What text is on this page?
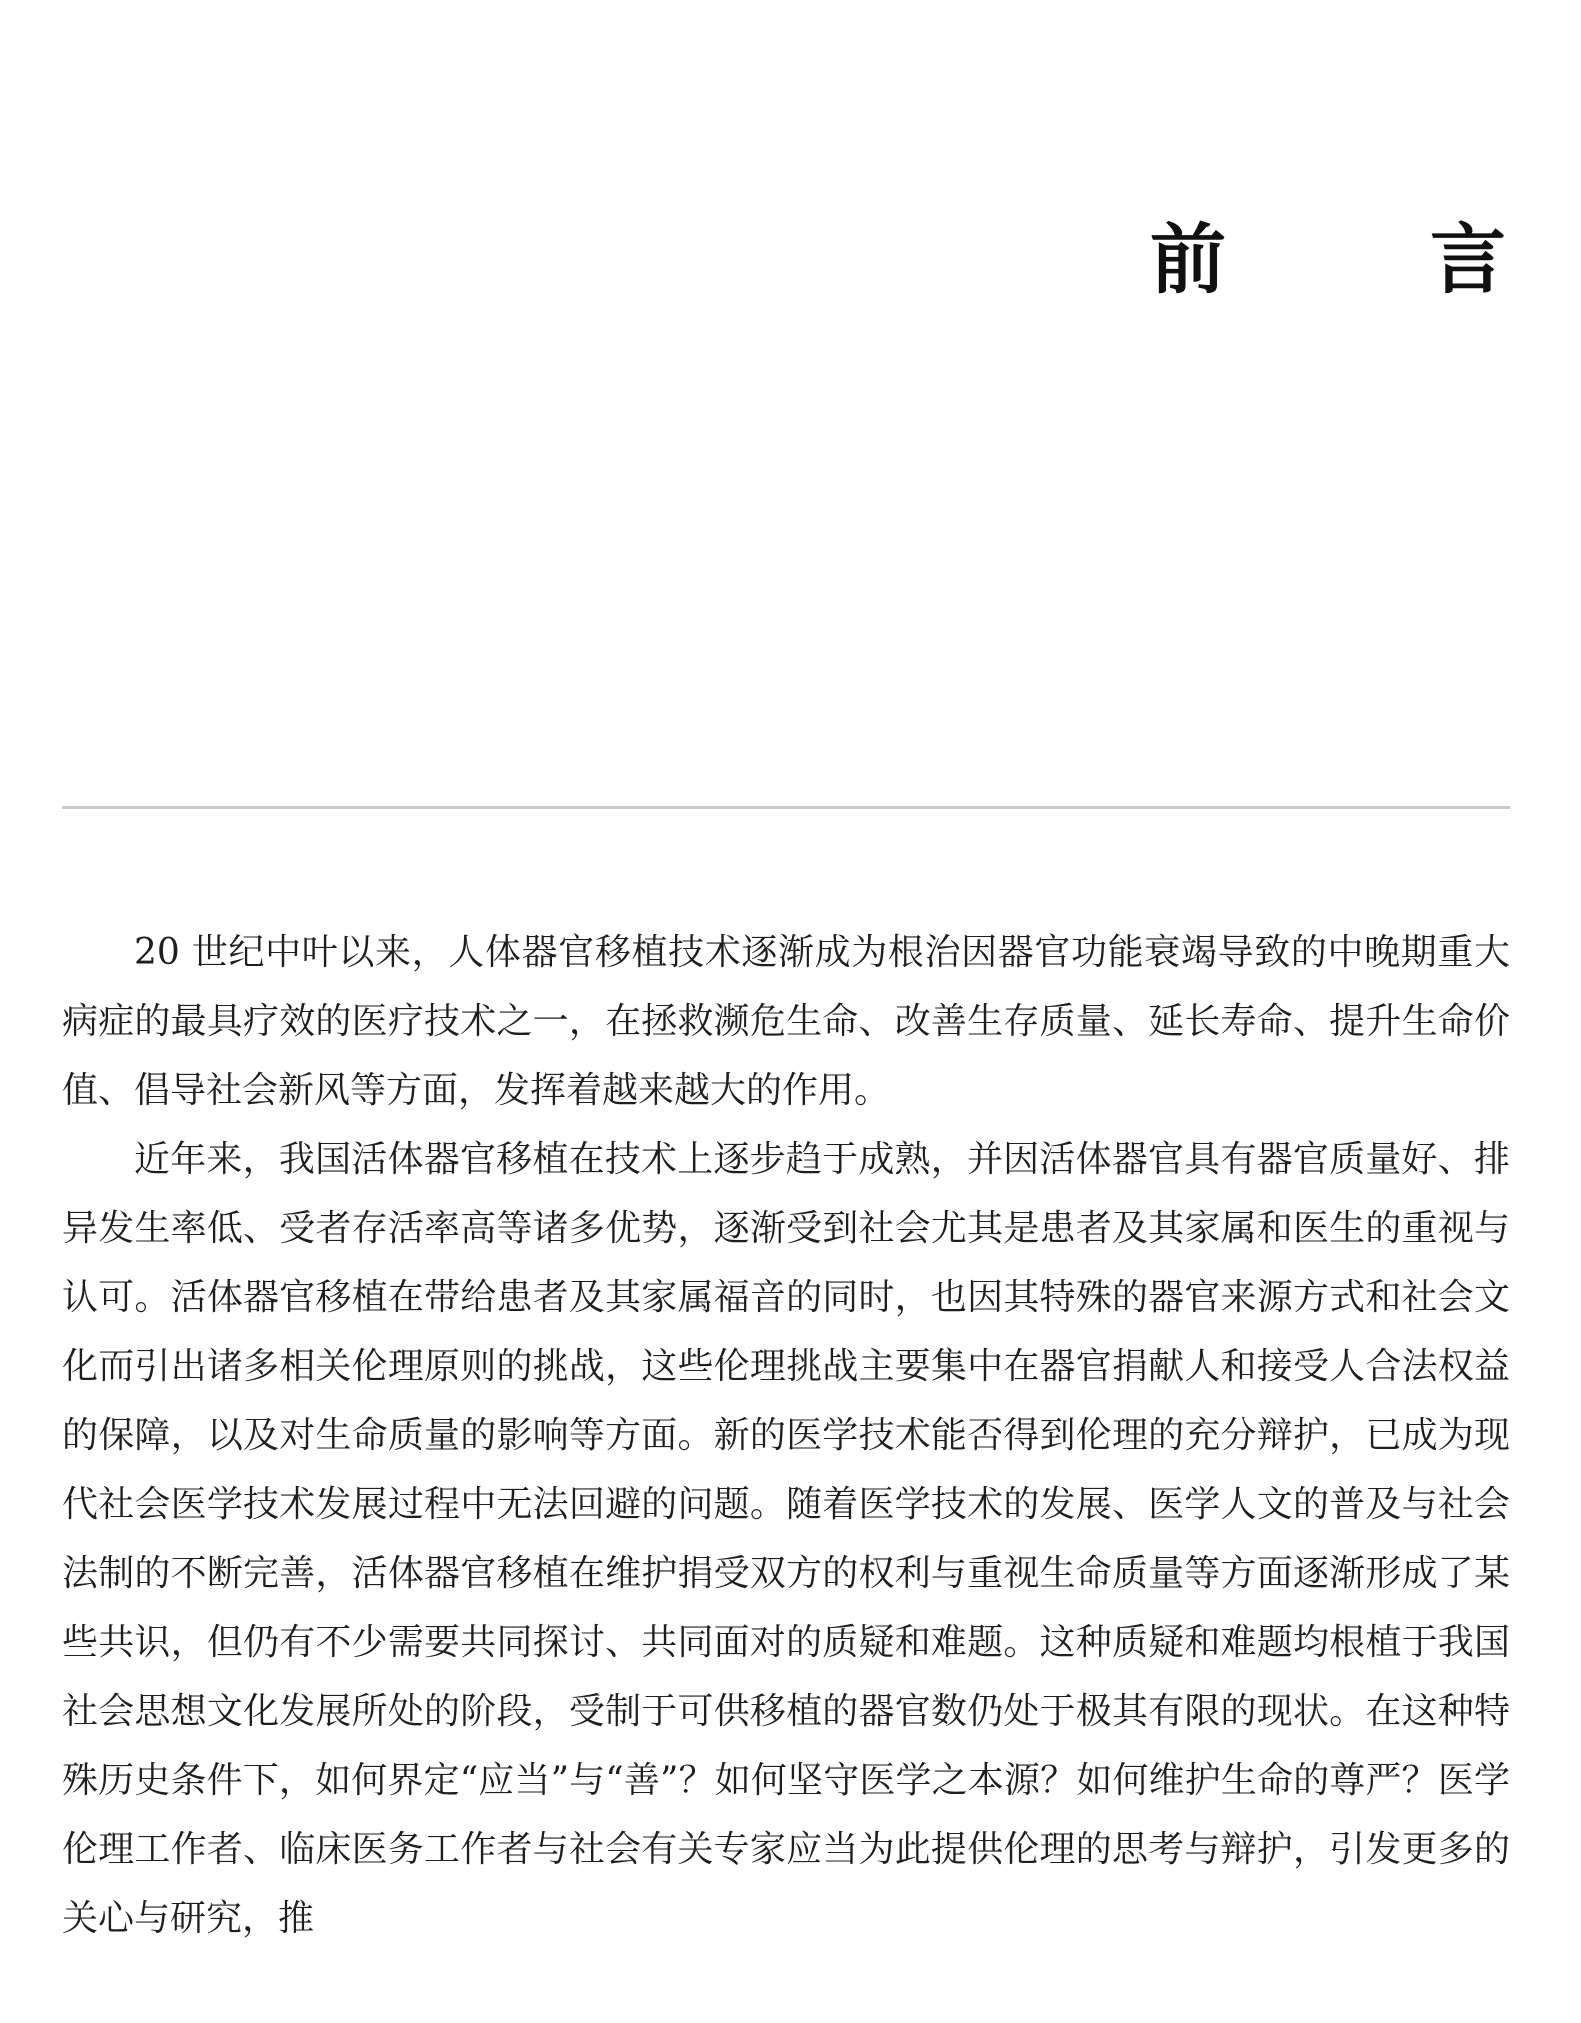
前　言

20 世纪中叶以来，人体器官移植技术逐渐成为根治因器官功能衰竭导致的中晚期重大病症的最具疗效的医疗技术之一，在拯救濒危生命、改善生存质量、延长寿命、提升生命价值、倡导社会新风等方面，发挥着越来越大的作用。

近年来，我国活体器官移植在技术上逐步趋于成熟，并因活体器官具有器官质量好、排异发生率低、受者存活率高等诸多优势，逐渐受到社会尤其是患者及其家属和医生的重视与认可。活体器官移植在带给患者及其家属福音的同时，也因其特殊的器官来源方式和社会文化而引出诸多相关伦理原则的挑战，这些伦理挑战主要集中在器官捐献人和接受人合法权益的保障，以及对生命质量的影响等方面。新的医学技术能否得到伦理的充分辩护，已成为现代社会医学技术发展过程中无法回避的问题。随着医学技术的发展、医学人文的普及与社会法制的不断完善，活体器官移植在维护捐受双方的权利与重视生命质量等方面逐渐形成了某些共识，但仍有不少需要共同探讨、共同面对的质疑和难题。这种质疑和难题均根植于我国社会思想文化发展所处的阶段，受制于可供移植的器官数仍处于极其有限的现状。在这种特殊历史条件下，如何界定“应当”与“善”？如何坚守医学之本源？如何维护生命的尊严？医学伦理工作者、临床医务工作者与社会有关专家应当为此提供伦理的思考与辩护，引发更多的关心与研究，推
